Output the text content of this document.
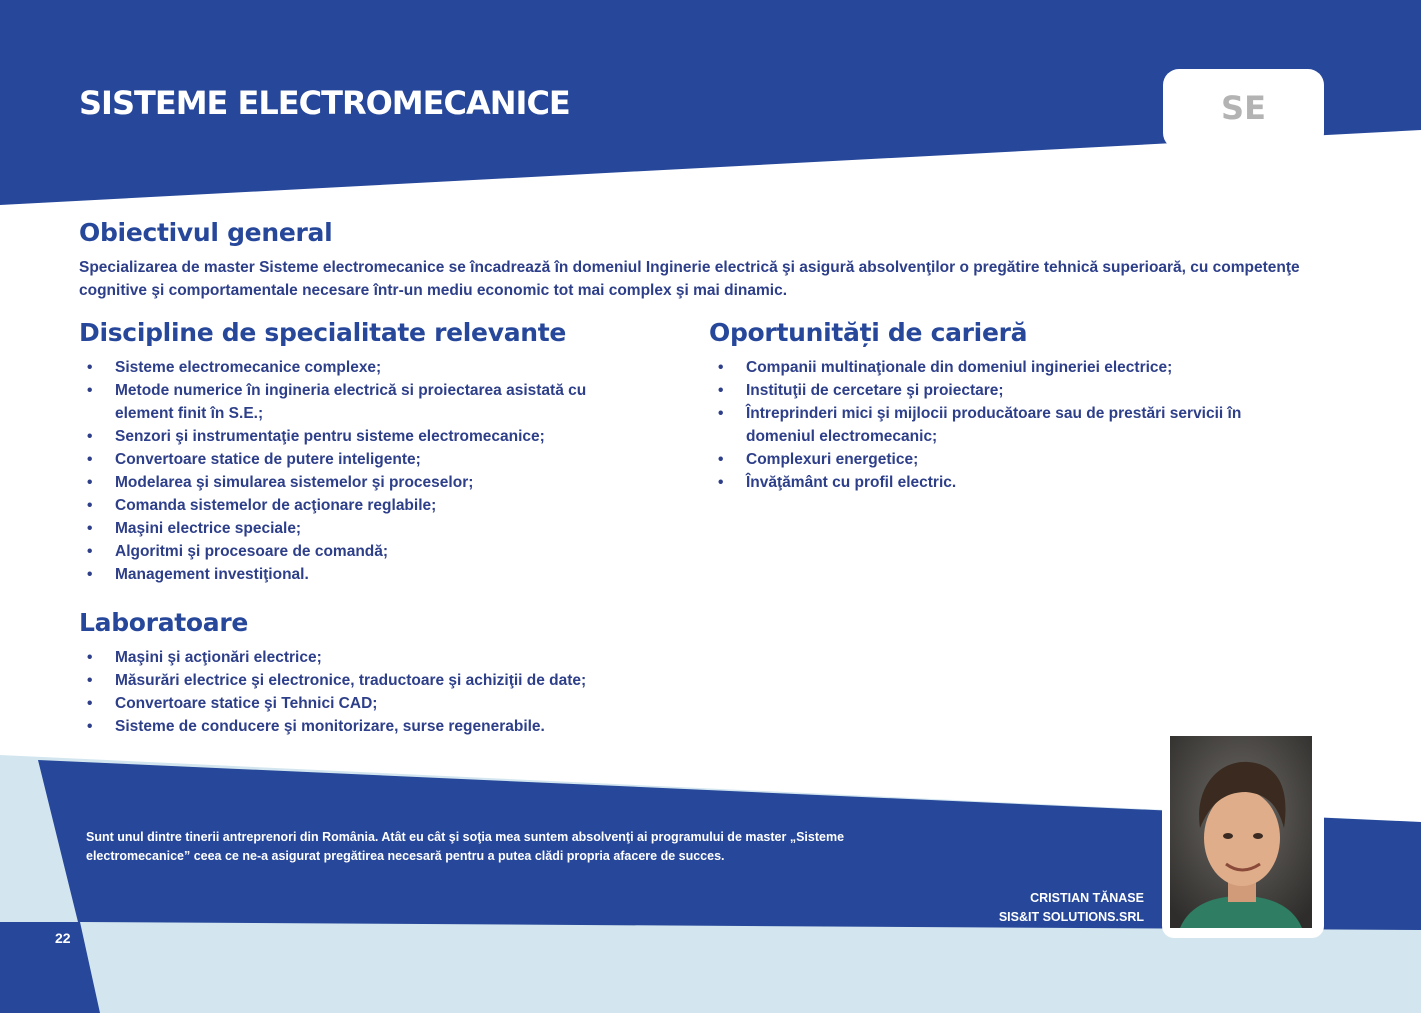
SISTEME ELECTROMECANICE	SE
Obiectivul general

Specializarea de master Sisteme electromecanice se încadrează în domeniul Inginerie electrică şi asigură absolvenţilor o pregătire tehnică superioară, cu competenţe cognitive şi comportamentale necesare într-un mediu economic tot mai complex şi mai dinamic.

Discipline de specialitate relevante
• Sisteme electromecanice complexe;
• Metode numerice în ingineria electrică si proiectarea asistată cu element finit în S.E.;
• Senzori şi instrumentaţie pentru sisteme electromecanice;
• Convertoare statice de putere inteligente;
• Modelarea şi simularea sistemelor şi proceselor;
• Comanda sistemelor de acţionare reglabile;
• Maşini electrice speciale;
• Algoritmi şi procesoare de comandă;
• Management investiţional.
Oportunități de carieră
• Companii multinaţionale din domeniul ingineriei electrice;
• Instituţii de cercetare şi proiectare;
• Întreprinderi mici şi mijlocii producătoare sau de prestări servicii în domeniul electromecanic;
• Complexuri energetice;
• Învăţământ cu profil electric.
Laboratoare
• Maşini şi acţionări electrice;
• Măsurări electrice şi electronice, traductoare şi achiziţii de date;
• Convertoare statice şi Tehnici CAD;
• Sisteme de conducere şi monitorizare, surse regenerabile.

Sunt unul dintre tinerii antreprenori din România. Atât eu cât şi soţia mea suntem absolvenţi ai programului de master „Sisteme electromecanice” ceea ce ne-a asigurat pregătirea necesară pentru a putea clădi propria afacere de succes.

CRISTIAN TĂNASE

SIS&IT SOLUTIONS.SRL

22
